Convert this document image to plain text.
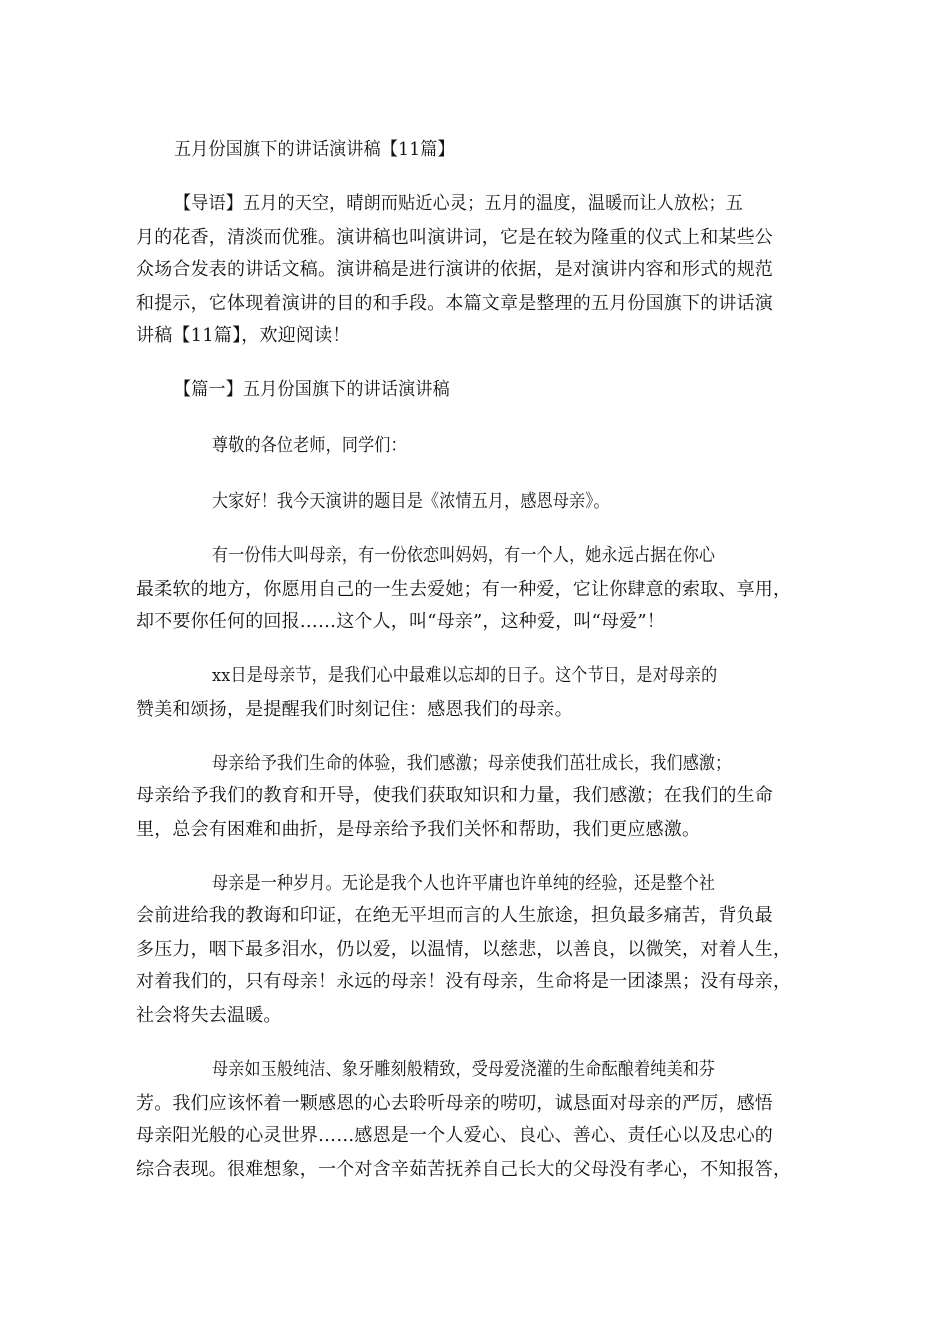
五月份国旗下的讲话演讲稿【11篇】
【导语】五月的天空，晴朗而贴近心灵；五月的温度，温暖而让人放松；五
月的花香，清淡而优雅。演讲稿也叫演讲词，它是在较为隆重的仪式上和某些公
众场合发表的讲话文稿。演讲稿是进行演讲的依据，是对演讲内容和形式的规范
和提示，它体现着演讲的目的和手段。本篇文章是整理的五月份国旗下的讲话演
讲稿【11篇】，欢迎阅读！
【篇一】五月份国旗下的讲话演讲稿
尊敬的各位老师，同学们：
大家好！我今天演讲的题目是《浓情五月，感恩母亲》。
有一份伟大叫母亲，有一份依恋叫妈妈，有一个人，她永远占据在你心
最柔软的地方，你愿用自己的一生去爱她；有一种爱，它让你肆意的索取、享用，
却不要你任何的回报……这个人，叫“母亲”，这种爱，叫“母爱”！
xx日是母亲节，是我们心中最难以忘却的日子。这个节日，是对母亲的
赞美和颂扬，是提醒我们时刻记住：感恩我们的母亲。
母亲给予我们生命的体验，我们感激；母亲使我们茁壮成长，我们感激；
母亲给予我们的教育和开导，使我们获取知识和力量，我们感激；在我们的生命
里，总会有困难和曲折，是母亲给予我们关怀和帮助，我们更应感激。
母亲是一种岁月。无论是我个人也许平庸也许单纯的经验，还是整个社
会前进给我的教诲和印证，在绝无平坦而言的人生旅途，担负最多痛苦，背负最
多压力，咽下最多泪水，仍以爱，以温情，以慈悲，以善良，以微笑，对着人生，
对着我们的，只有母亲！永远的母亲！没有母亲，生命将是一团漆黑；没有母亲，
社会将失去温暖。
母亲如玉般纯洁、象牙雕刻般精致，受母爱浇灌的生命酝酿着纯美和芬
芳。我们应该怀着一颗感恩的心去聆听母亲的唠叨，诚恳面对母亲的严厉，感悟
母亲阳光般的心灵世界……感恩是一个人爱心、良心、善心、责任心以及忠心的
综合表现。很难想象，一个对含辛茹苦抚养自己长大的父母没有孝心，不知报答，
